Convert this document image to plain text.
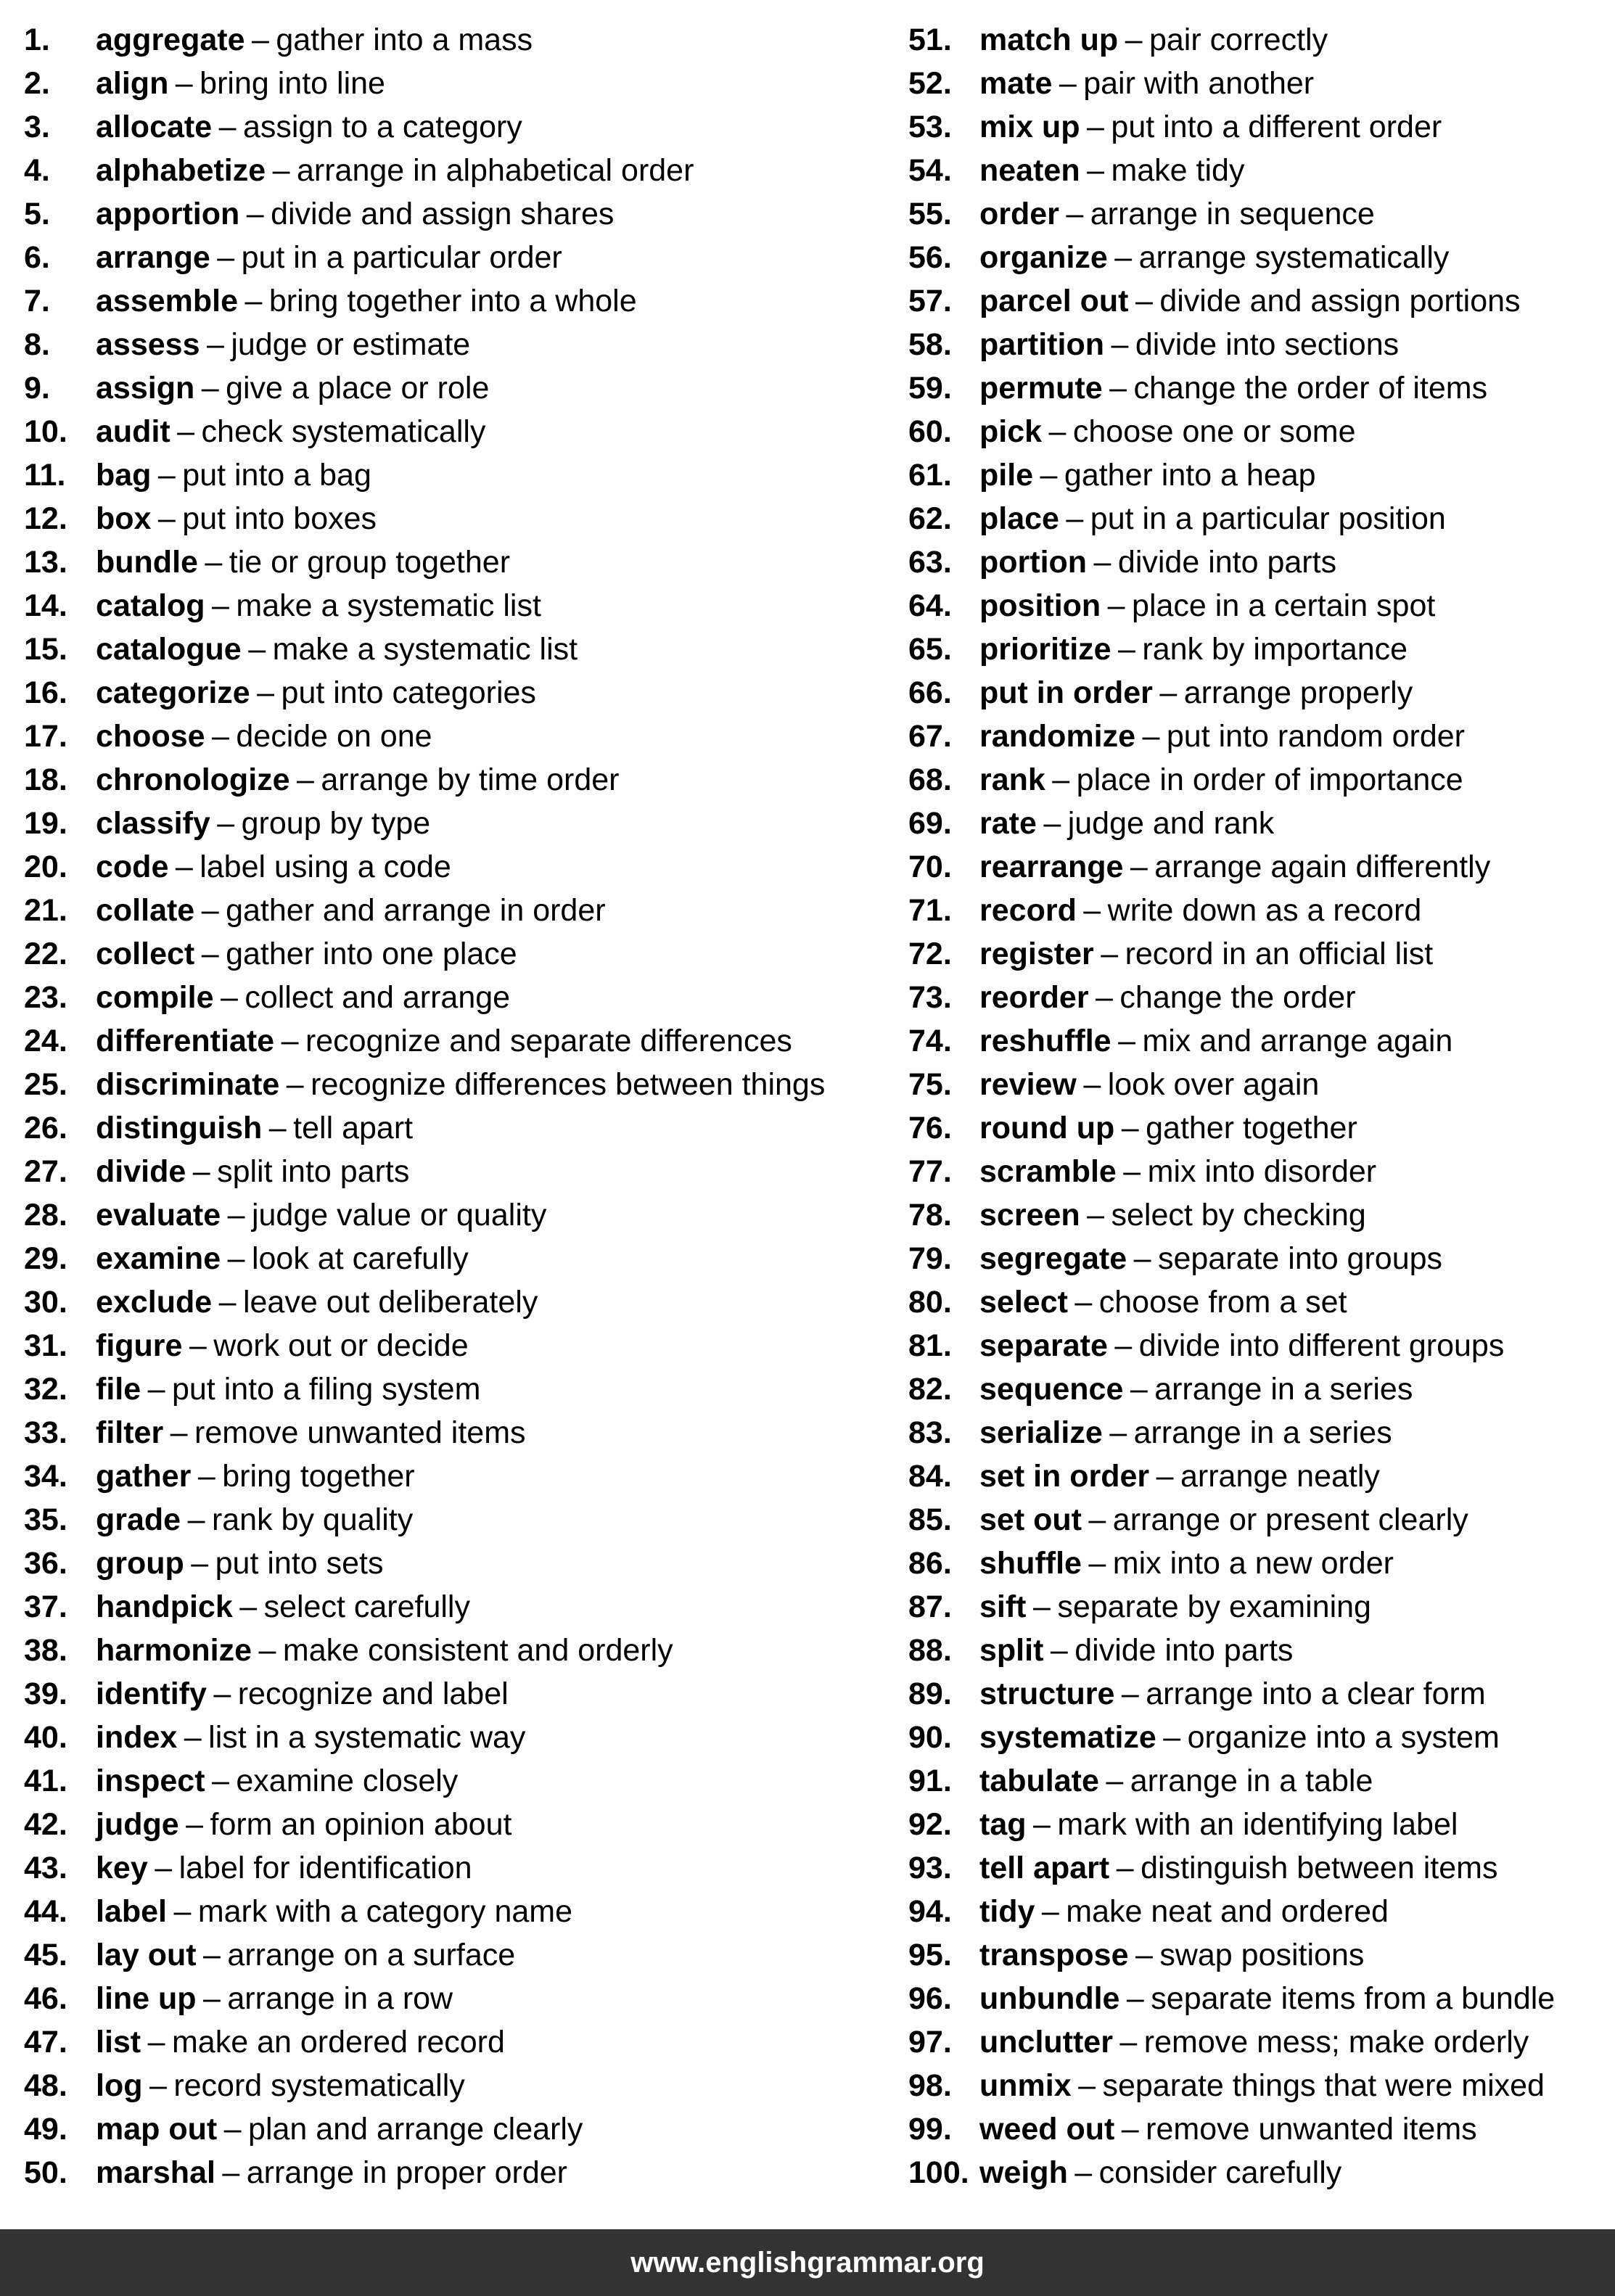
1.	aggregate – gather into a mass
2.	align – bring into line
3.	allocate – assign to a category
4.	alphabetize – arrange in alphabetical order
5.	apportion – divide and assign shares
6.	arrange – put in a particular order
7.	assemble – bring together into a whole
8.	assess – judge or estimate
9.	assign – give a place or role
10. audit – check systematically
11. bag – put into a bag
12. box – put into boxes
13. bundle – tie or group together
14. catalog – make a systematic list
15. catalogue – make a systematic list
16. categorize – put into categories
17. choose – decide on one
18. chronologize – arrange by time order
19. classify – group by type
20. code – label using a code
21. collate – gather and arrange in order
22. collect – gather into one place
23. compile – collect and arrange
24. differentiate – recognize and separate differences
25. discriminate – recognize differences between things
26. distinguish – tell apart
27. divide – split into parts
28. evaluate – judge value or quality
29. examine – look at carefully
30. exclude – leave out deliberately
31. figure – work out or decide
32. file – put into a filing system
33. filter – remove unwanted items
34. gather – bring together
35. grade – rank by quality
36. group – put into sets
37. handpick – select carefully
38. harmonize – make consistent and orderly
39. identify – recognize and label
40. index – list in a systematic way
41. inspect – examine closely
42. judge – form an opinion about
43. key – label for identification
44. label – mark with a category name
45. lay out – arrange on a surface
46. line up – arrange in a row
47. list – make an ordered record
48. log – record systematically
49. map out – plan and arrange clearly
50. marshal – arrange in proper order
51. match up – pair correctly
52. mate – pair with another
53. mix up – put into a different order
54. neaten – make tidy
55. order – arrange in sequence
56. organize – arrange systematically
57. parcel out – divide and assign portions
58. partition – divide into sections
59. permute – change the order of items
60. pick – choose one or some
61. pile – gather into a heap
62. place – put in a particular position
63. portion – divide into parts
64. position – place in a certain spot
65. prioritize – rank by importance
66. put in order – arrange properly
67. randomize – put into random order
68. rank – place in order of importance
69. rate – judge and rank
70. rearrange – arrange again differently
71. record – write down as a record
72. register – record in an official list
73. reorder – change the order
74. reshuffle – mix and arrange again
75. review – look over again
76. round up – gather together
77. scramble – mix into disorder
78. screen – select by checking
79. segregate – separate into groups
80. select – choose from a set
81. separate – divide into different groups
82. sequence – arrange in a series
83. serialize – arrange in a series
84. set in order – arrange neatly
85. set out – arrange or present clearly
86. shuffle – mix into a new order
87. sift – separate by examining
88. split – divide into parts
89. structure – arrange into a clear form
90. systematize – organize into a system
91. tabulate – arrange in a table
92. tag – mark with an identifying label
93. tell apart – distinguish between items
94. tidy – make neat and ordered
95. transpose – swap positions
96. unbundle – separate items from a bundle
97. unclutter – remove mess; make orderly
98. unmix – separate things that were mixed
99. weed out – remove unwanted items
100. weigh – consider carefully
www.englishgrammar.org
